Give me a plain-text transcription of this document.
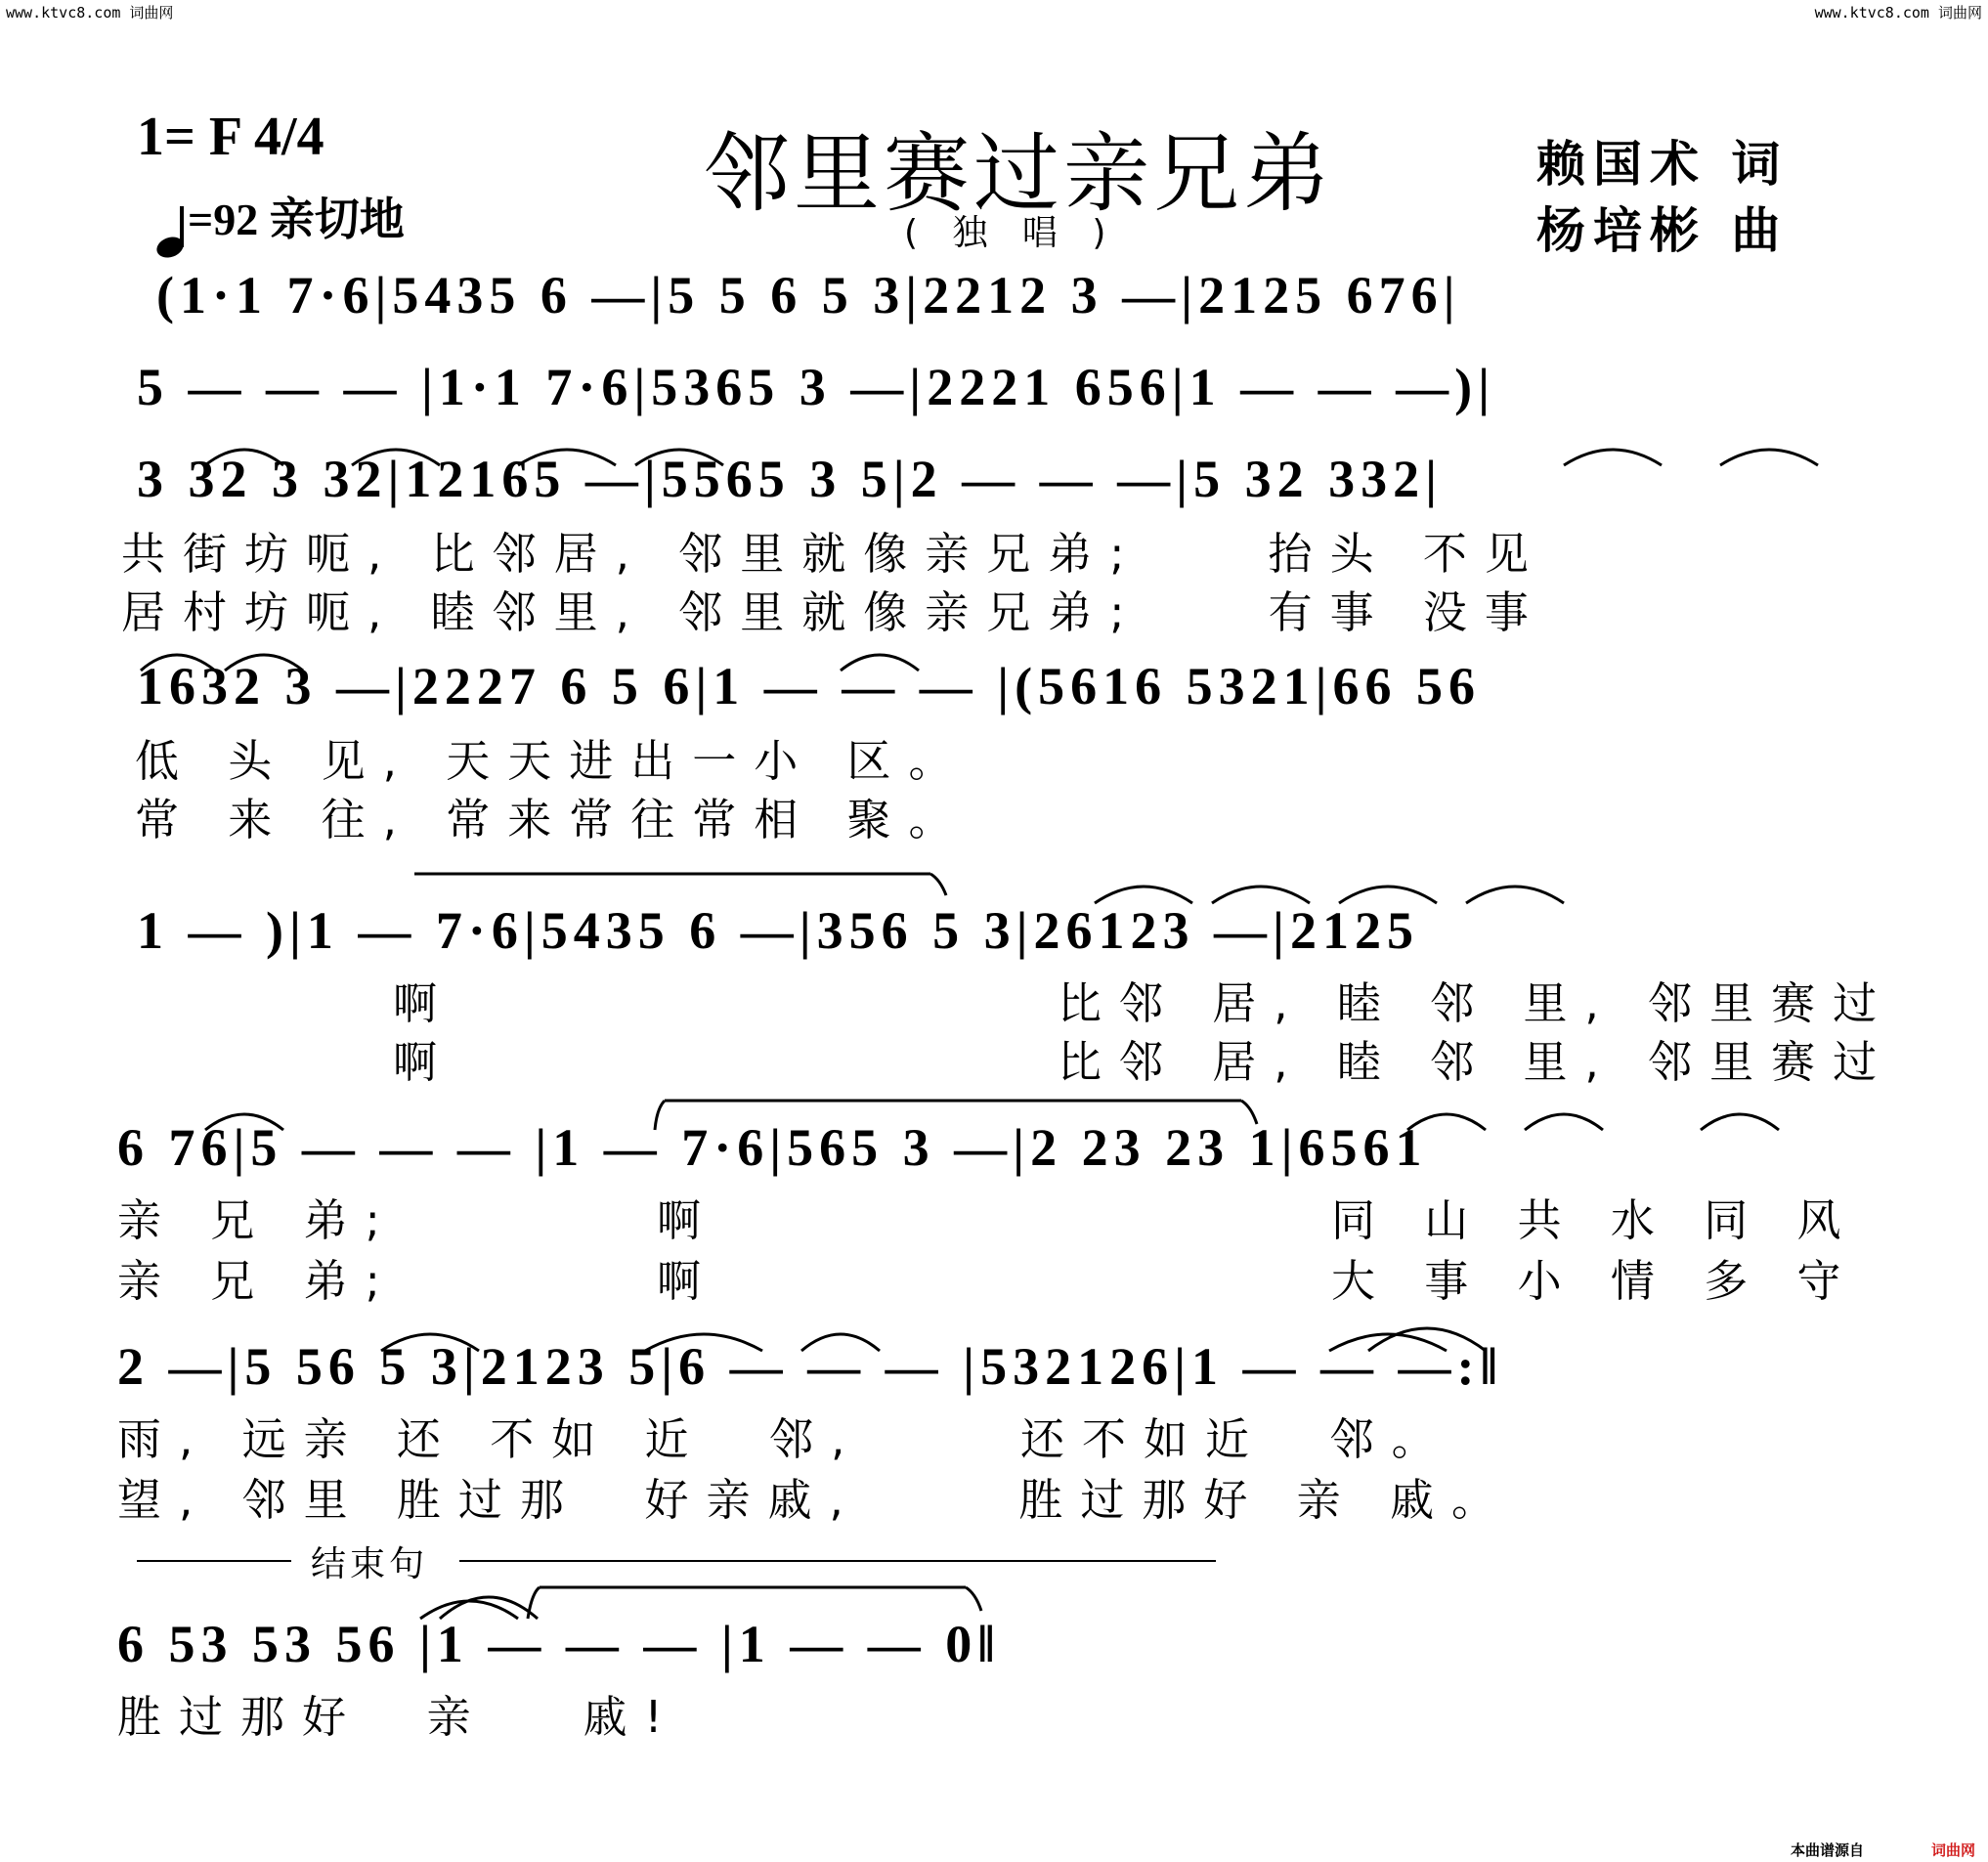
www.ktvc8.com 词曲网	www.ktvc8.com 词曲网
1= F 4/4

=92 亲切地	邻里赛过亲兄弟
( 独 唱 )
赖国术 词
杨培彬 曲
(1·1 7·6|5435 6 —|5 5 6 5 3|2212 3 —|2125 676|
5 — — — |1·1 7·6|5365 3 —|2221 656|1 — — —)|
3 32 3 32|12165 —|5565 3 5|2 — — —|5 32 332|
共街坊呃, 比邻居, 邻里就像亲兄弟;    抬头 不见
居村坊呃, 睦邻里, 邻里就像亲兄弟;    有事 没事
1632 3 —|2227 6 5 6|1 — — — |(5616 5321|66 56
低 头 见, 天天进出一小 区。
常 来 往, 常来常往常相 聚。
1 — )|1 — 7·6|5435 6 —|356 5 3|26123 —|2125
啊	比邻 居, 睦 邻 里, 邻里赛过
啊	比邻 居, 睦 邻 里, 邻里赛过
6 76|5 — — — |1 — 7·6|565 3 —|2 23 23 1|6561
亲 兄 弟;	啊	同 山 共 水 同 风
亲 兄 弟;	啊	大 事 小 情 多 守
2 —|5 56 5 3|2123 5|6 — — — |532126|1 — — —:‖
雨, 远亲 还 不如 近  邻,     还不如近  邻。
望, 邻里 胜过那  好亲戚,     胜过那好 亲 戚。
结束句
6 53 53 56 |1 — — — |1 — — 0‖
胜过那好  亲   戚!
本曲谱源自	词曲网
